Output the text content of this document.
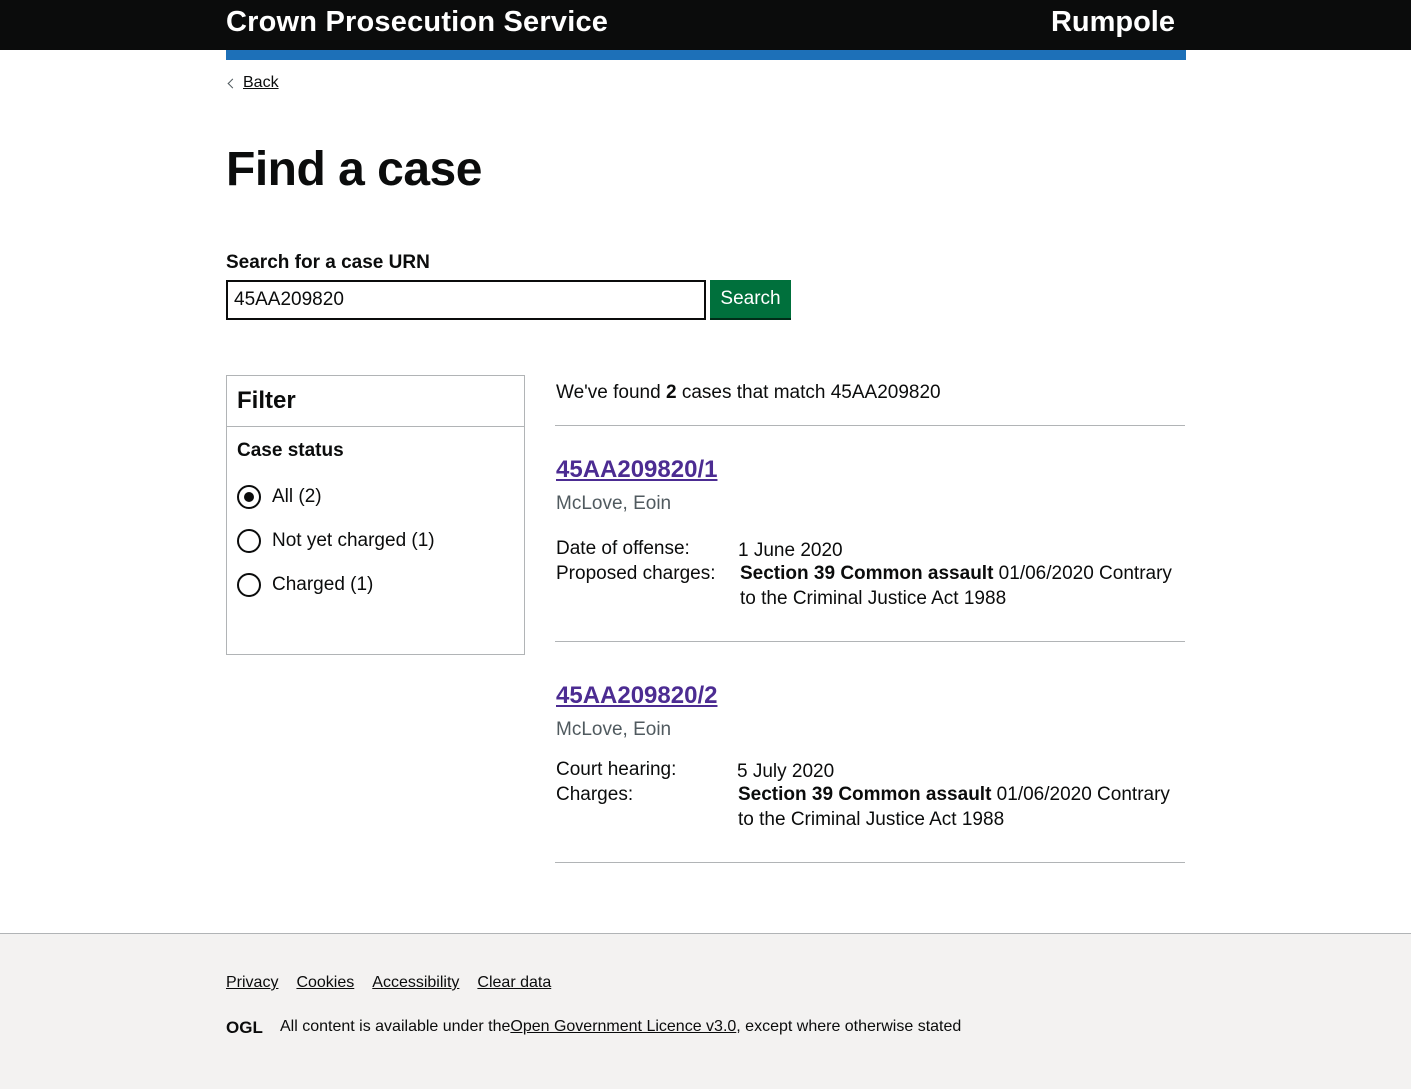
Crown Prosecution Service	Rumpole
Back
Find a case
Search for a case URN
45AA209820
Search
Filter
Case status
All (2)
Not yet charged (1)
Charged (1)
We've found 2 cases that match 45AA209820
45AA209820/1
McLove, Eoin
Date of offense:	1 June 2020
Proposed charges: Section 39 Common assault 01/06/2020 Contrary to the Criminal Justice Act 1988
45AA209820/2
McLove, Eoin
Court hearing:	5 July 2020
Charges:	Section 39 Common assault 01/06/2020 Contrary to the Criminal Justice Act 1988
Privacy Cookies Accessibility Clear data
OGL All content is available under the Open Government Licence v3.0 , except where otherwise stated
